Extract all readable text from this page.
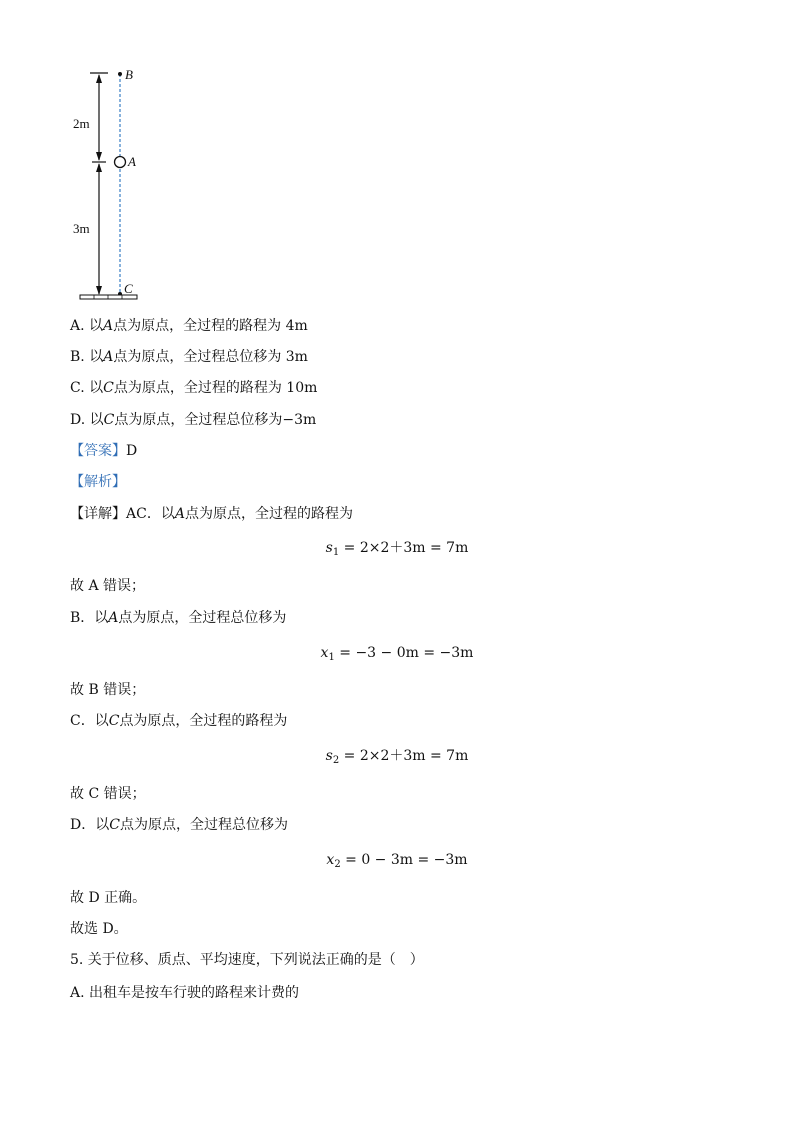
B
A
C
2m
3m
A. 以A点为原点，全过程的路程为 4m
B. 以A点为原点，全过程总位移为 3m
C. 以C点为原点，全过程的路程为 10m
D. 以C点为原点，全过程总位移为−3m
【答案】D
【解析】
【详解】AC．以A点为原点，全过程的路程为
$s_1 = 2\times 2+3m = 7m$
故 A 错误；
B．以A点为原点，全过程总位移为
$x_1 = -3 - 0m = -3m$
故 B 错误；
C．以C点为原点，全过程的路程为
$s_2 = 2\times 2+3m = 7m$
故 C 错误；
D．以C点为原点，全过程总位移为
$x_2 = 0 - 3m = -3m$
故 D 正确。
故选 D。
5. 关于位移、质点、平均速度，下列说法正确的是（　）
A. 出租车是按车行驶的路程来计费的
